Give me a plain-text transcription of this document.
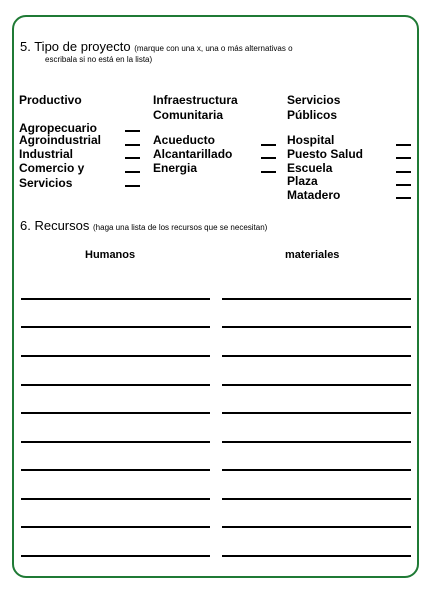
5. Tipo de proyecto (marque con una x, una o más alternativas o
escribala si no está en la lista)
Productivo
Agropecuario
Agroindustrial
Industrial
Comercio y
Servicios
Infraestructura
Comunitaria
Acueducto
Alcantarillado
Energia
Servicios
Públicos
Hospital
Puesto Salud
Escuela
Plaza
Matadero
6. Recursos (haga una lista de los recursos que se necesitan)
Humanos	materiales
